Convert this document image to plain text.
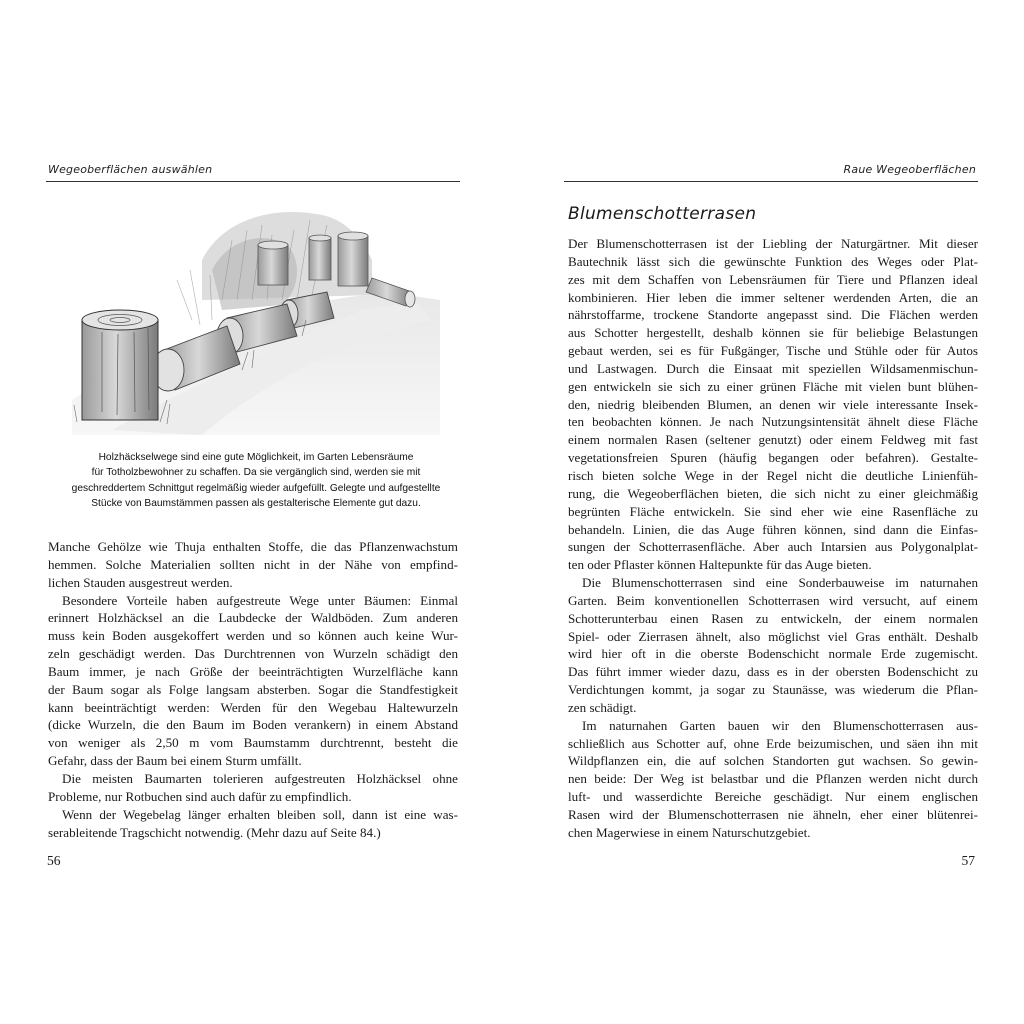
Wegeoberflächen auswählen
Holzhäckselwege sind eine gute Möglichkeit, im Garten Lebensräume
für Totholzbewohner zu schaffen. Da sie vergänglich sind, werden sie mit
geschreddertem Schnittgut regelmäßig wieder aufgefüllt. Gelegte und aufgestellte
Stücke von Baumstämmen passen als gestalterische Elemente gut dazu.
Manche Gehölze wie Thuja enthalten Stoffe, die das Pflanzenwachstum
hemmen. Solche Materialien sollten nicht in der Nähe von empfind-
lichen Stauden ausgestreut werden.
Besondere Vorteile haben aufgestreute Wege unter Bäumen: Einmal
erinnert Holzhäcksel an die Laubdecke der Waldböden. Zum anderen
muss kein Boden ausgekoffert werden und so können auch keine Wur-
zeln geschädigt werden. Das Durchtrennen von Wurzeln schädigt den
Baum immer, je nach Größe der beeinträchtigten Wurzelfläche kann
der Baum sogar als Folge langsam absterben. Sogar die Standfestigkeit
kann beeinträchtigt werden: Werden für den Wegebau Haltewurzeln
(dicke Wurzeln, die den Baum im Boden verankern) in einem Abstand
von weniger als 2,50 m vom Baumstamm durchtrennt, besteht die
Gefahr, dass der Baum bei einem Sturm umfällt.
Die meisten Baumarten tolerieren aufgestreuten Holzhäcksel ohne
Probleme, nur Rotbuchen sind auch dafür zu empfindlich.
Wenn der Wegebelag länger erhalten bleiben soll, dann ist eine was-
serableitende Tragschicht notwendig. (Mehr dazu auf Seite 84.)
56
Raue Wegeoberflächen
Blumenschotterrasen
Der Blumenschotterrasen ist der Liebling der Naturgärtner. Mit dieser
Bautechnik lässt sich die gewünschte Funktion des Weges oder Plat-
zes mit dem Schaffen von Lebensräumen für Tiere und Pflanzen ideal
kombinieren. Hier leben die immer seltener werdenden Arten, die an
nährstoffarme, trockene Standorte angepasst sind. Die Flächen werden
aus Schotter hergestellt, deshalb können sie für beliebige Belastungen
gebaut werden, sei es für Fußgänger, Tische und Stühle oder für Autos
und Lastwagen. Durch die Einsaat mit speziellen Wildsamenmischun-
gen entwickeln sie sich zu einer grünen Fläche mit vielen bunt blühen-
den, niedrig bleibenden Blumen, an denen wir viele interessante Insek-
ten beobachten können. Je nach Nutzungsintensität ähnelt diese Fläche
einem normalen Rasen (seltener genutzt) oder einem Feldweg mit fast
vegetationsfreien Spuren (häufig begangen oder befahren). Gestalte-
risch bieten solche Wege in der Regel nicht die deutliche Linienfüh-
rung, die Wegeoberflächen bieten, die sich nicht zu einer gleichmäßig
begrünten Fläche entwickeln. Sie sind eher wie eine Rasenfläche zu
behandeln. Linien, die das Auge führen können, sind dann die Einfas-
sungen der Schotterrasenfläche. Aber auch Intarsien aus Polygonalplat-
ten oder Pflaster können Haltepunkte für das Auge bieten.
Die Blumenschotterrasen sind eine Sonderbauweise im naturnahen
Garten. Beim konventionellen Schotterrasen wird versucht, auf einem
Schotterunterbau einen Rasen zu entwickeln, der einem normalen
Spiel- oder Zierrasen ähnelt, also möglichst viel Gras enthält. Deshalb
wird hier oft in die oberste Bodenschicht normale Erde zugemischt.
Das führt immer wieder dazu, dass es in der obersten Bodenschicht zu
Verdichtungen kommt, ja sogar zu Staunässe, was wiederum die Pflan-
zen schädigt.
Im naturnahen Garten bauen wir den Blumenschotterrasen aus-
schließlich aus Schotter auf, ohne Erde beizumischen, und säen ihn mit
Wildpflanzen ein, die auf solchen Standorten gut wachsen. So gewin-
nen beide: Der Weg ist belastbar und die Pflanzen werden nicht durch
luft- und wasserdichte Bereiche geschädigt. Nur einem englischen
Rasen wird der Blumenschotterrasen nie ähneln, eher einer blütenrei-
chen Magerwiese in einem Naturschutzgebiet.
57
